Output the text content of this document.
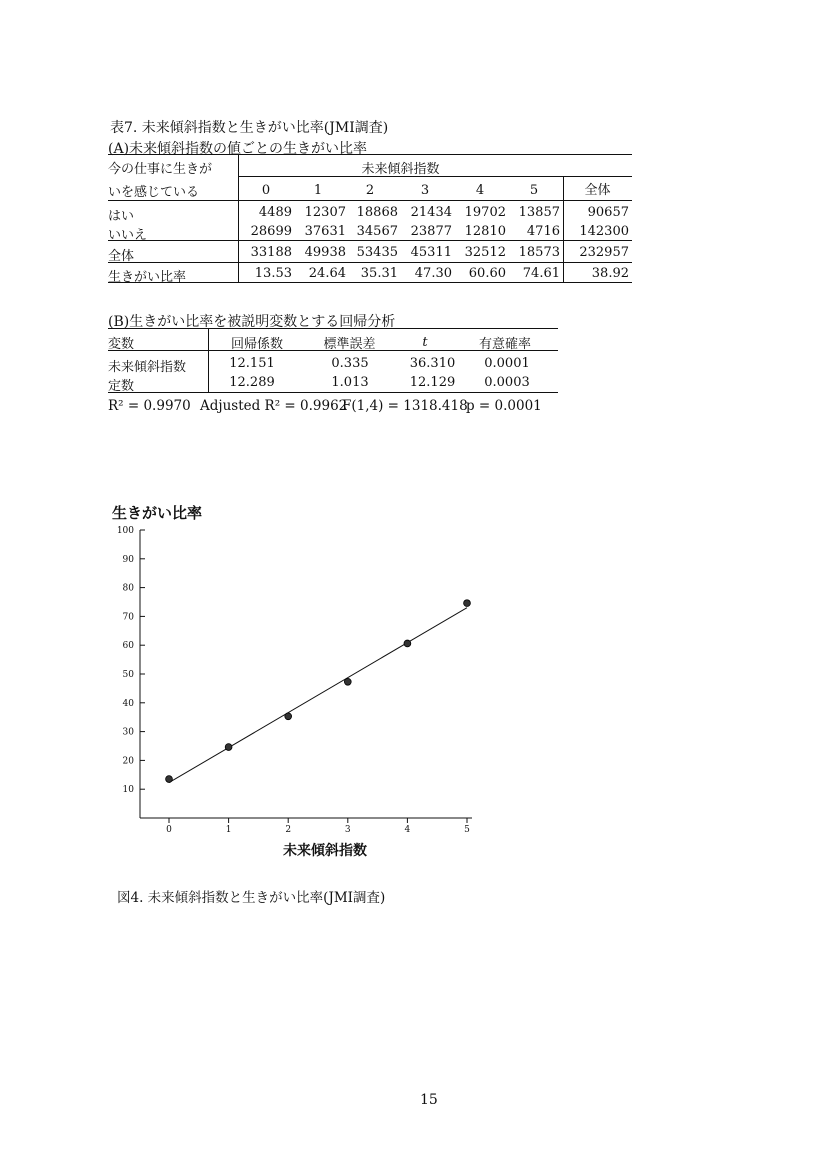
表7. 未来傾斜指数と生きがい比率(JMI調査)
(A)未来傾斜指数の値ごとの生きがい比率
今の仕事に生きが
いを感じている
未来傾斜指数
0	1	2	3	4	5	全体
はい	4489 12307 18868 21434 19702 13857	90657
いいえ	28699 37631 34567 23877 12810	4716	142300
全体	33188 49938 53435 45311 32512 18573	232957
生きがい比率	13.53	24.64	35.31	47.30	60.60	74.61	38.92
(B)生きがい比率を被説明変数とする回帰分析
変数	回帰係数	標準誤差	t	有意確率
未来傾斜指数	12.151	0.335	36.310	0.0001
定数	12.289	1.013	12.129	0.0003
R² = 0.9970 Adjusted R² = 0.9962
F(1,4) = 1318.418
p = 0.0001
生きがい比率
10
20
30
40
50
60
70
80
90
100
0	1	2	3	4	5
未来傾斜指数
図4. 未来傾斜指数と生きがい比率(JMI調査)
15
